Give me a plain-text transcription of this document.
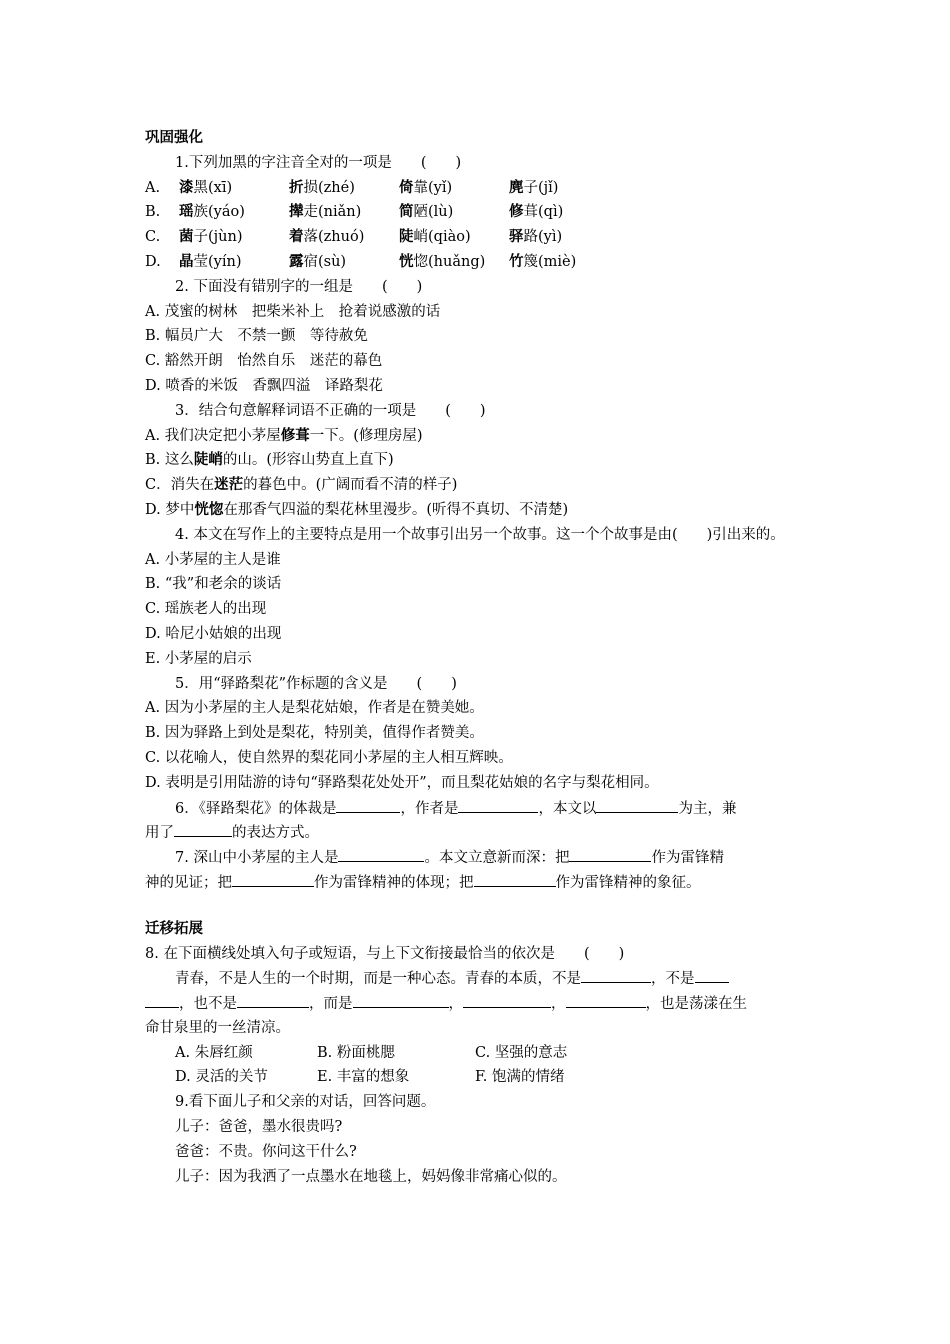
巩固强化
1.下列加黑的字注音全对的一项是　　(　　)
A. 漆黑(xī)	折损(zhé)	倚靠(yǐ)	麂子(jǐ)
B. 瑶族(yáo)	撵走(niǎn)	简陋(lù)	修葺(qì)
C. 菌子(jùn)	着落(zhuó) 陡峭(qiào)	驿路(yì)
D. 晶莹(yín)	露宿(sù)	恍惚(huǎng) 竹篾(miè)
2. 下面没有错别字的一组是　　(　　)
A. 茂蜜的树林　把柴米补上　抢着说感激的话
B. 幅员广大　不禁一颤　等待赦免
C. 豁然开朗　怡然自乐　迷茫的幕色
D. 喷香的米饭　香飘四溢　译路梨花
3．结合句意解释词语不正确的一项是　　(　　)
A. 我们决定把小茅屋修葺一下。(修理房屋)
B. 这么陡峭的山。(形容山势直上直下)
C．消失在迷茫的暮色中。(广阔而看不清的样子)
D. 梦中恍惚在那香气四溢的梨花林里漫步。(听得不真切、不清楚)
4. 本文在写作上的主要特点是用一个故事引出另一个故事。这一个个故事是由(　　)引出来的。
A. 小茅屋的主人是谁
B. “我”和老余的谈话
C. 瑶族老人的出现
D. 哈尼小姑娘的出现
E. 小茅屋的启示
5．用“驿路梨花”作标题的含义是　　(　　)
A. 因为小茅屋的主人是梨花姑娘，作者是在赞美她。
B. 因为驿路上到处是梨花，特别美，值得作者赞美。
C. 以花喻人，使自然界的梨花同小茅屋的主人相互辉映。
D. 表明是引用陆游的诗句“驿路梨花处处开”，而且梨花姑娘的名字与梨花相同。
6．《驿路梨花》的体裁是	，作者是	，本文以	为主，兼
用了	的表达方式。
7. 深山中小茅屋的主人是	。本文立意新而深：把	作为雷锋精
神的见证；把	作为雷锋精神的体现；把	作为雷锋精神的象征。
迁移拓展
8. 在下面横线处填入句子或短语，与上下文衔接最恰当的依次是　　(　　)
青春，不是人生的一个时期，而是一种心态。青春的本质，不是	，不是
，也不是	，而是	，	，	，也是荡漾在生
命甘泉里的一丝清凉。
A. 朱唇红颜	B. 粉面桃腮	C. 坚强的意志
D. 灵活的关节	E. 丰富的想象	F. 饱满的情绪
9.看下面儿子和父亲的对话，回答问题。
儿子：爸爸，墨水很贵吗?
爸爸：不贵。你问这干什么?
儿子：因为我洒了一点墨水在地毯上，妈妈像非常痛心似的。
